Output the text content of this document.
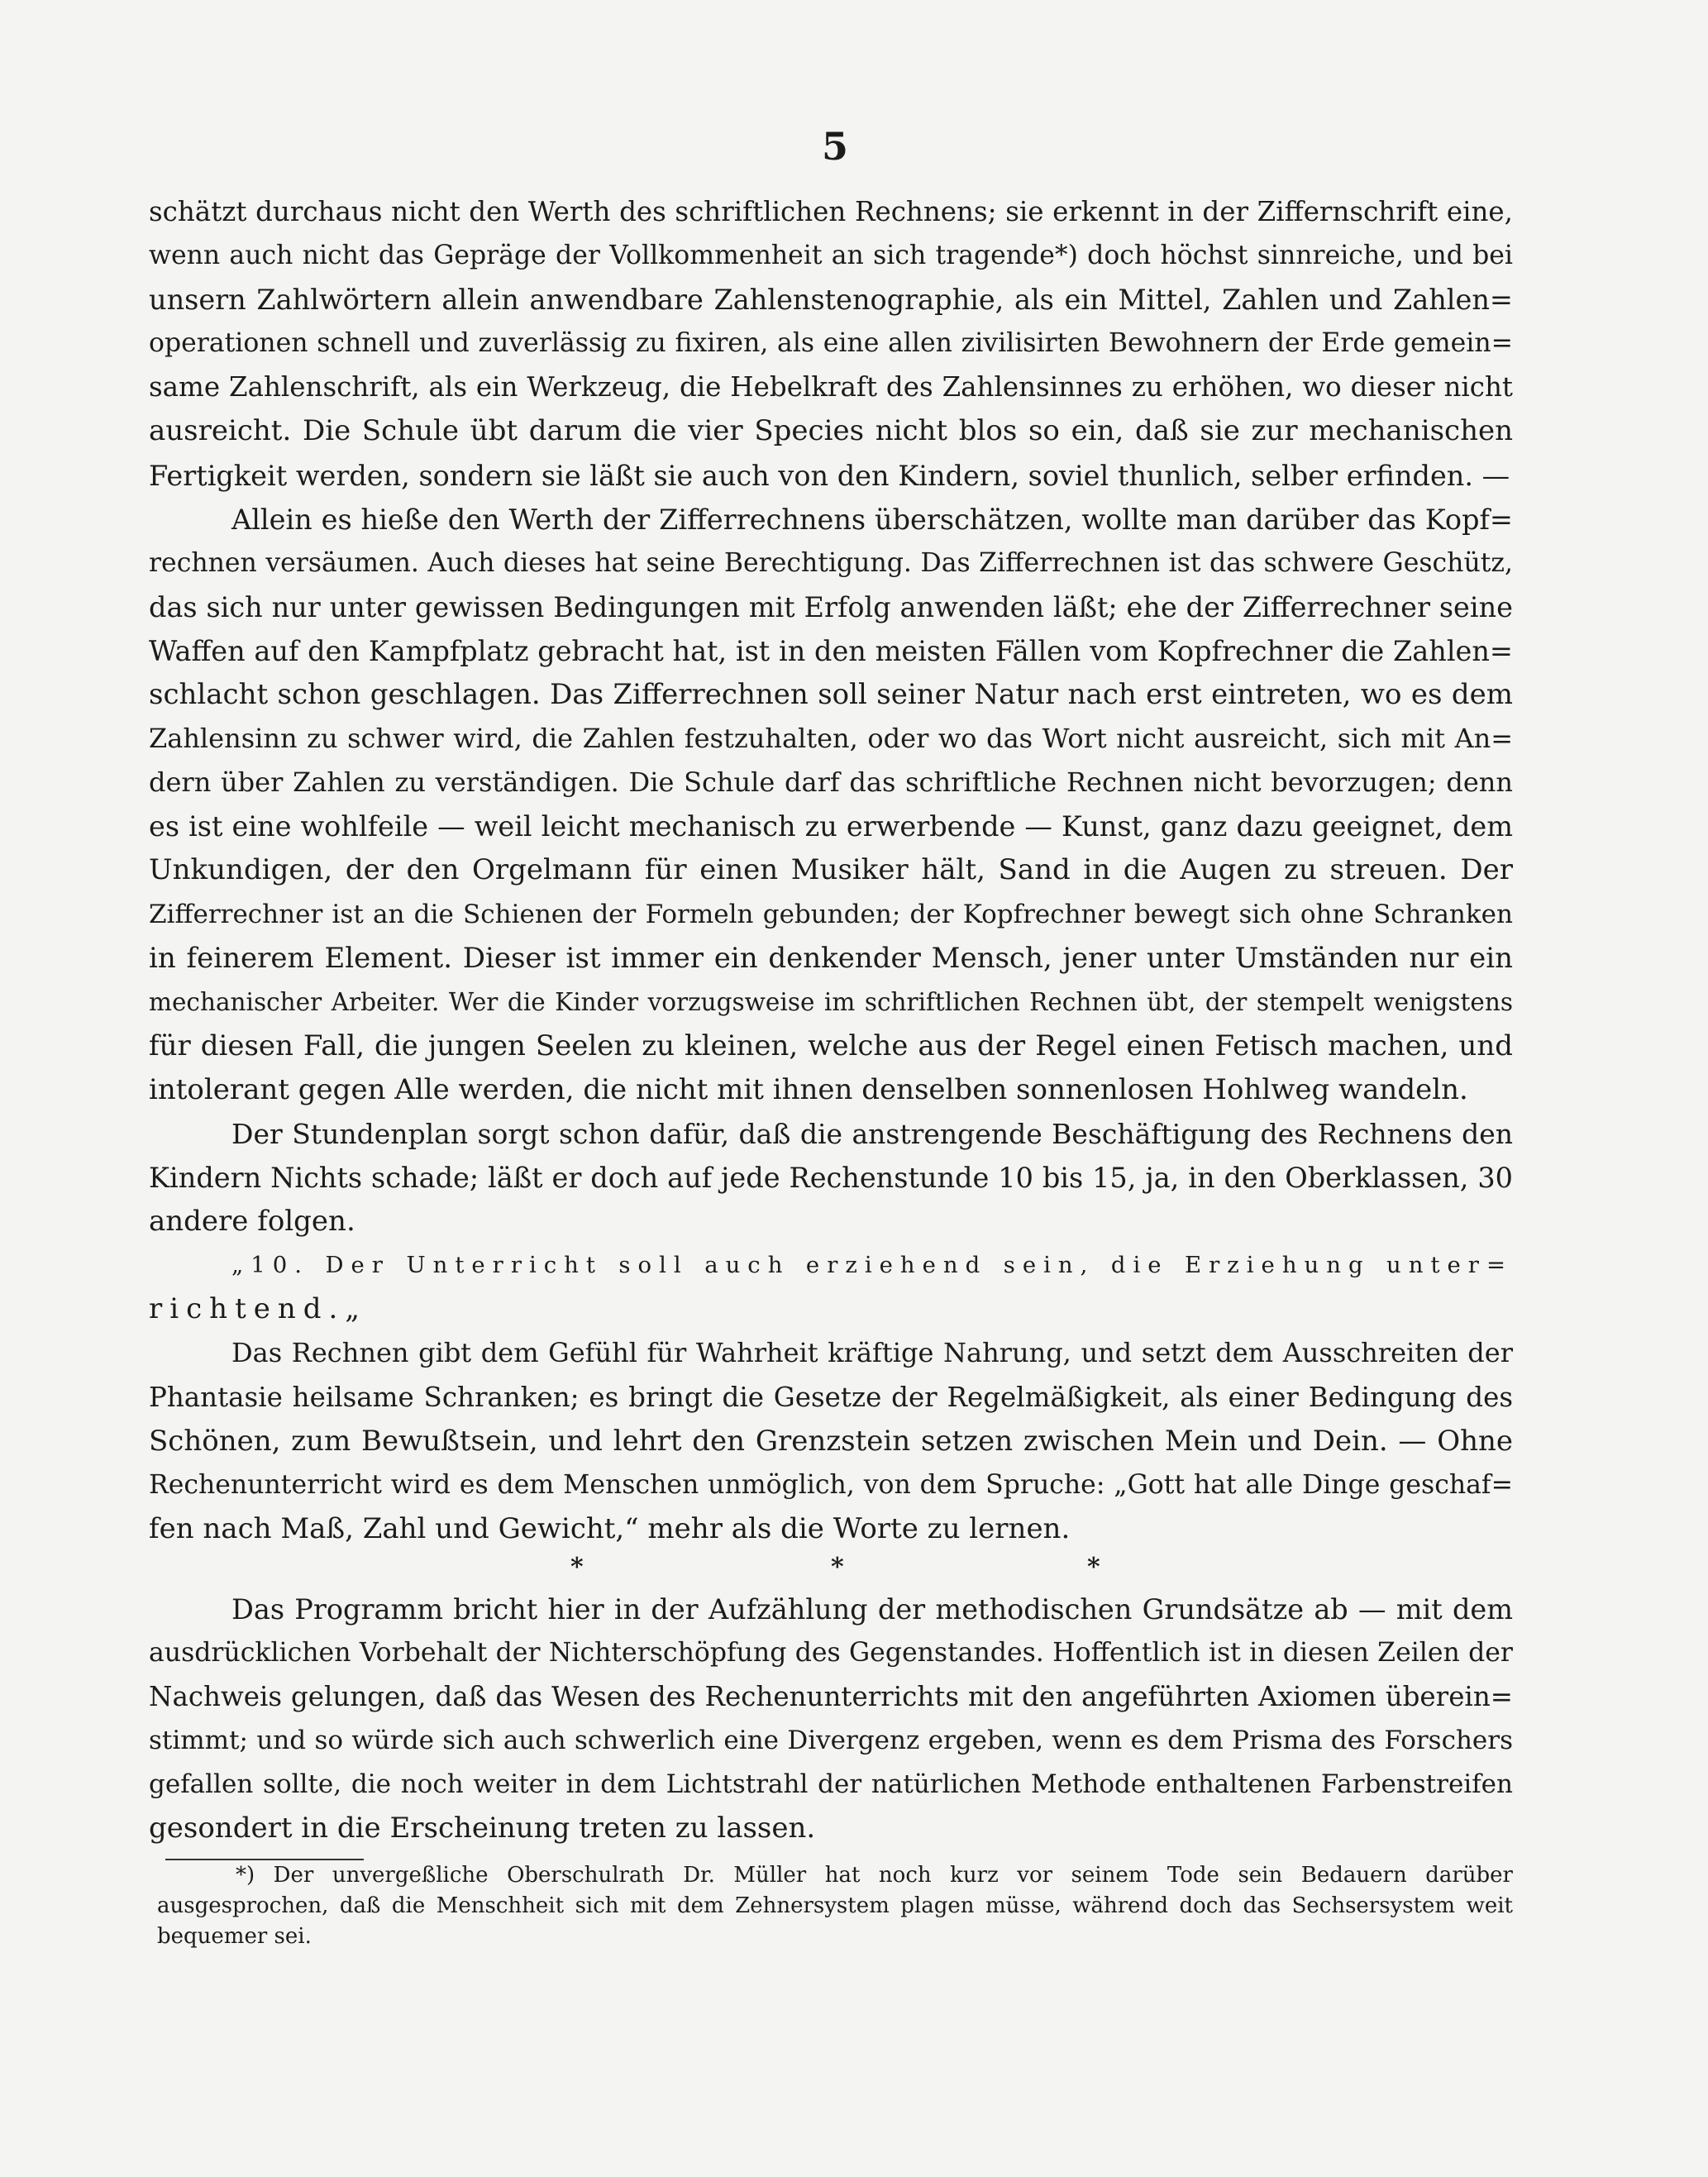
5
schätzt durchaus nicht den Werth des schriftlichen Rechnens; sie erkennt in der Ziffernschrift eine,
wenn auch nicht das Gepräge der Vollkommenheit an sich tragende*) doch höchst sinnreiche, und bei
unsern Zahlwörtern allein anwendbare Zahlenstenographie, als ein Mittel, Zahlen und Zahlen=
operationen schnell und zuverlässig zu fixiren, als eine allen zivilisirten Bewohnern der Erde gemein=
same Zahlenschrift, als ein Werkzeug, die Hebelkraft des Zahlensinnes zu erhöhen, wo dieser nicht
ausreicht. Die Schule übt darum die vier Species nicht blos so ein, daß sie zur mechanischen
Fertigkeit werden, sondern sie läßt sie auch von den Kindern, soviel thunlich, selber erfinden. —
Allein es hieße den Werth der Zifferrechnens überschätzen, wollte man darüber das Kopf=
rechnen versäumen. Auch dieses hat seine Berechtigung. Das Zifferrechnen ist das schwere Geschütz,
das sich nur unter gewissen Bedingungen mit Erfolg anwenden läßt; ehe der Zifferrechner seine
Waffen auf den Kampfplatz gebracht hat, ist in den meisten Fällen vom Kopfrechner die Zahlen=
schlacht schon geschlagen. Das Zifferrechnen soll seiner Natur nach erst eintreten, wo es dem
Zahlensinn zu schwer wird, die Zahlen festzuhalten, oder wo das Wort nicht ausreicht, sich mit An=
dern über Zahlen zu verständigen. Die Schule darf das schriftliche Rechnen nicht bevorzugen; denn
es ist eine wohlfeile — weil leicht mechanisch zu erwerbende — Kunst, ganz dazu geeignet, dem
Unkundigen, der den Orgelmann für einen Musiker hält, Sand in die Augen zu streuen. Der
Zifferrechner ist an die Schienen der Formeln gebunden; der Kopfrechner bewegt sich ohne Schranken
in feinerem Element. Dieser ist immer ein denkender Mensch, jener unter Umständen nur ein
mechanischer Arbeiter. Wer die Kinder vorzugsweise im schriftlichen Rechnen übt, der stempelt wenigstens
für diesen Fall, die jungen Seelen zu kleinen, welche aus der Regel einen Fetisch machen, und
intolerant gegen Alle werden, die nicht mit ihnen denselben sonnenlosen Hohlweg wandeln.
Der Stundenplan sorgt schon dafür, daß die anstrengende Beschäftigung des Rechnens den
Kindern Nichts schade; läßt er doch auf jede Rechenstunde 10 bis 15, ja, in den Oberklassen, 30
andere folgen.
„10. Der Unterricht soll auch erziehend sein, die Erziehung unter=
richtend.„
Das Rechnen gibt dem Gefühl für Wahrheit kräftige Nahrung, und setzt dem Ausschreiten der
Phantasie heilsame Schranken; es bringt die Gesetze der Regelmäßigkeit, als einer Bedingung des
Schönen, zum Bewußtsein, und lehrt den Grenzstein setzen zwischen Mein und Dein. — Ohne
Rechenunterricht wird es dem Menschen unmöglich, von dem Spruche: „Gott hat alle Dinge geschaf=
fen nach Maß, Zahl und Gewicht,“ mehr als die Worte zu lernen.
*	*	*
Das Programm bricht hier in der Aufzählung der methodischen Grundsätze ab — mit dem
ausdrücklichen Vorbehalt der Nichterschöpfung des Gegenstandes. Hoffentlich ist in diesen Zeilen der
Nachweis gelungen, daß das Wesen des Rechenunterrichts mit den angeführten Axiomen überein=
stimmt; und so würde sich auch schwerlich eine Divergenz ergeben, wenn es dem Prisma des Forschers
gefallen sollte, die noch weiter in dem Lichtstrahl der natürlichen Methode enthaltenen Farbenstreifen
gesondert in die Erscheinung treten zu lassen.
*) Der unvergeßliche Oberschulrath Dr. Müller hat noch kurz vor seinem Tode sein Bedauern darüber
ausgesprochen, daß die Menschheit sich mit dem Zehnersystem plagen müsse, während doch das Sechsersystem weit
bequemer sei.
